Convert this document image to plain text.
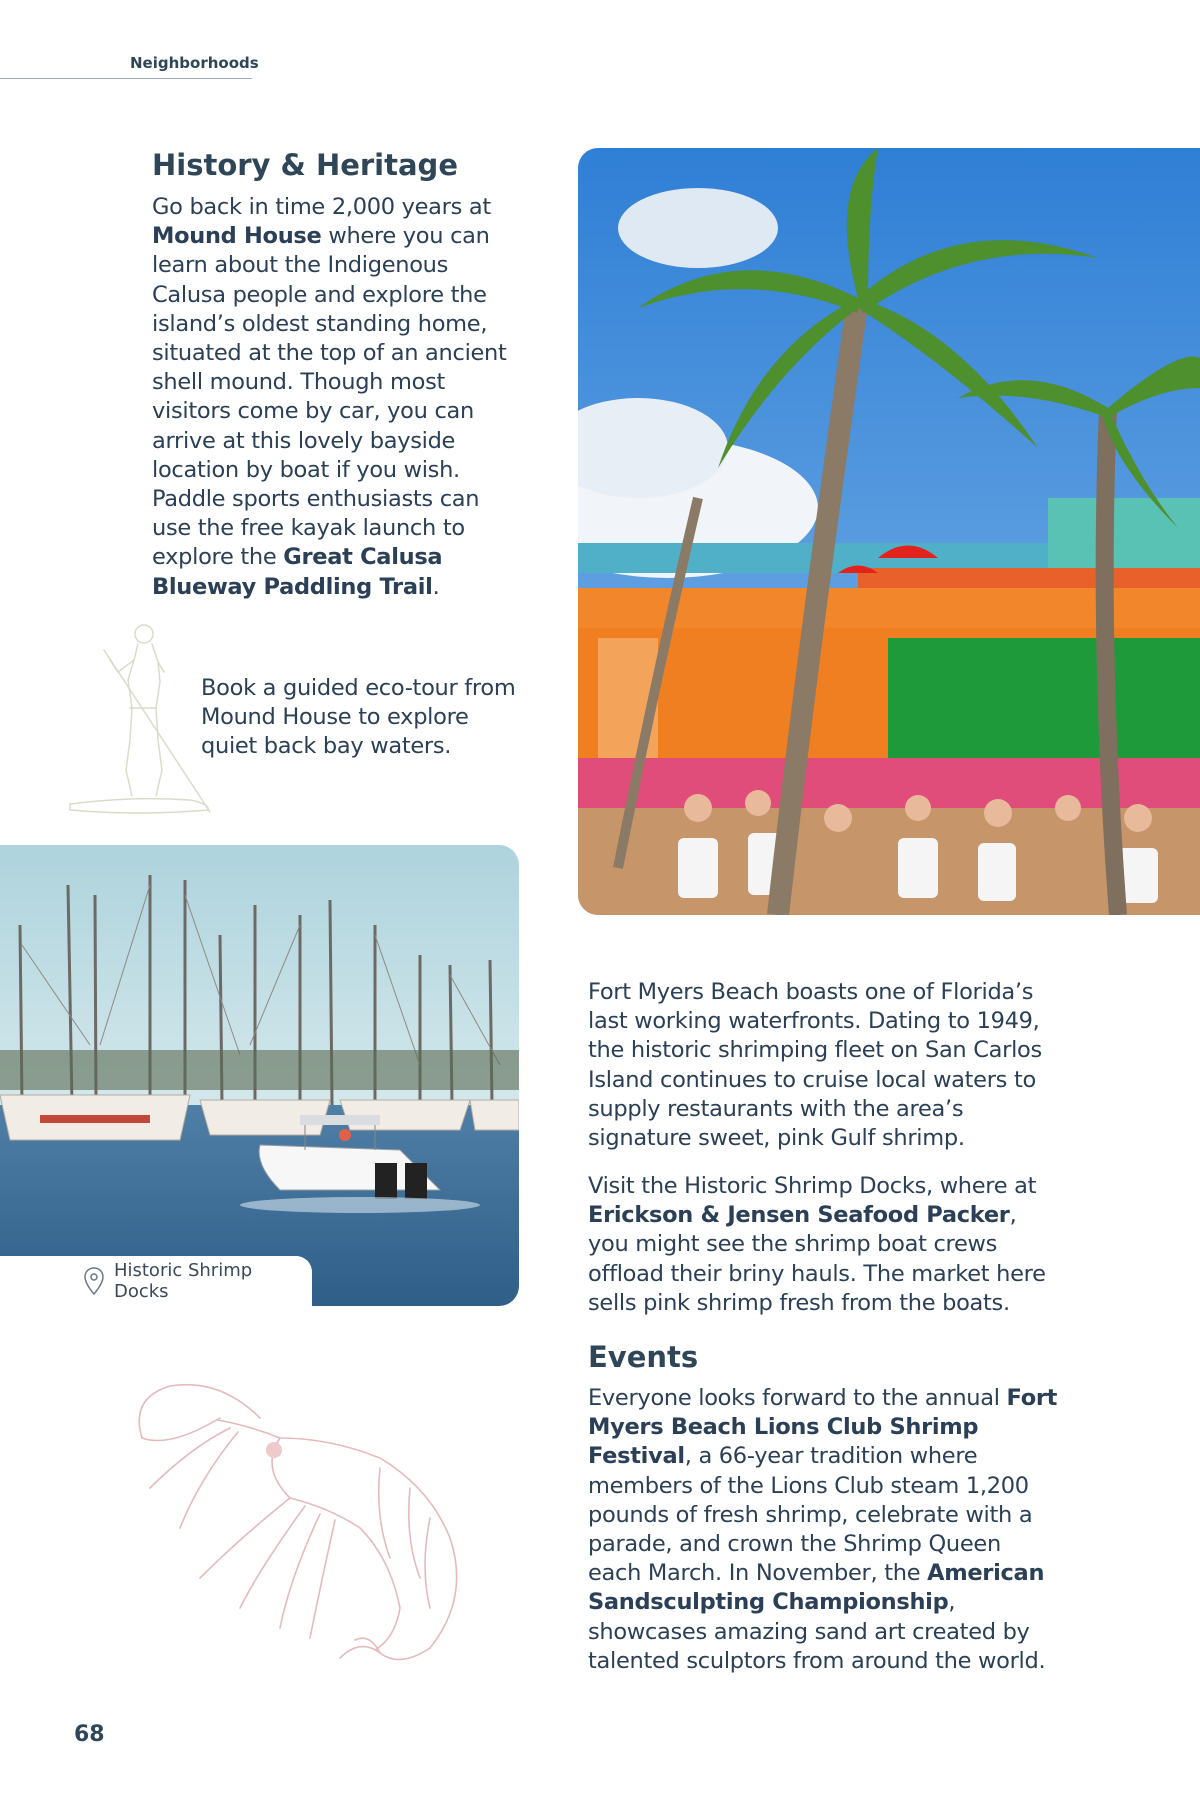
Neighborhoods
History & Heritage
Go back in time 2,000 years at Mound House where you can learn about the Indigenous Calusa people and explore the island’s oldest standing home, situated at the top of an ancient shell mound. Though most visitors come by car, you can arrive at this lovely bayside location by boat if you wish. Paddle sports enthusiasts can use the free kayak launch to explore the Great Calusa Blueway Paddling Trail.
Book a guided eco-tour from Mound House to explore quiet back bay waters.
Historic Shrimp Docks
Fort Myers Beach boasts one of Florida’s last working waterfronts. Dating to 1949, the historic shrimping fleet on San Carlos Island continues to cruise local waters to supply restaurants with the area’s signature sweet, pink Gulf shrimp.
Visit the Historic Shrimp Docks, where at Erickson & Jensen Seafood Packer, you might see the shrimp boat crews offload their briny hauls. The market here sells pink shrimp fresh from the boats.
Events
Everyone looks forward to the annual Fort Myers Beach Lions Club Shrimp Festival, a 66-year tradition where members of the Lions Club steam 1,200 pounds of fresh shrimp, celebrate with a parade, and crown the Shrimp Queen each March. In November, the American Sandsculpting Championship, showcases amazing sand art created by talented sculptors from around the world.
68
